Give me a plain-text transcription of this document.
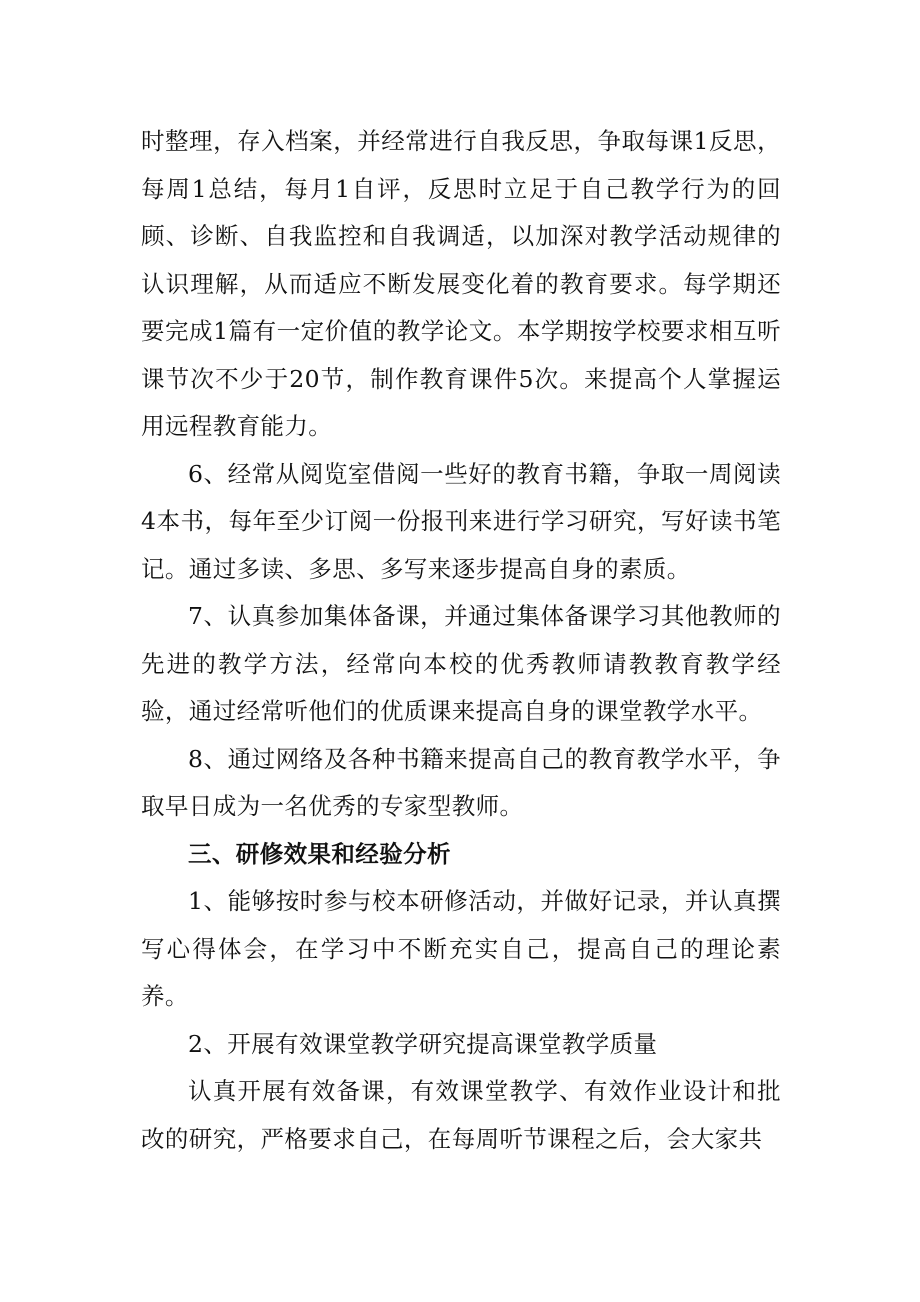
时整理，存入档案，并经常进行自我反思，争取每课1反思，每周1总结，每月1自评，反思时立足于自己教学行为的回顾、诊断、自我监控和自我调适，以加深对教学活动规律的认识理解，从而适应不断发展变化着的教育要求。每学期还要完成1篇有一定价值的教学论文。本学期按学校要求相互听课节次不少于20节，制作教育课件5次。来提高个人掌握运用远程教育能力。

6、经常从阅览室借阅一些好的教育书籍，争取一周阅读4本书，每年至少订阅一份报刊来进行学习研究，写好读书笔记。通过多读、多思、多写来逐步提高自身的素质。

7、认真参加集体备课，并通过集体备课学习其他教师的先进的教学方法，经常向本校的优秀教师请教教育教学经验，通过经常听他们的优质课来提高自身的课堂教学水平。

8、通过网络及各种书籍来提高自己的教育教学水平，争取早日成为一名优秀的专家型教师。

三、研修效果和经验分析

1、能够按时参与校本研修活动，并做好记录，并认真撰写心得体会，在学习中不断充实自己，提高自己的理论素养。

2、开展有效课堂教学研究提高课堂教学质量

认真开展有效备课，有效课堂教学、有效作业设计和批改的研究，严格要求自己，在每周听节课程之后，会大家共
